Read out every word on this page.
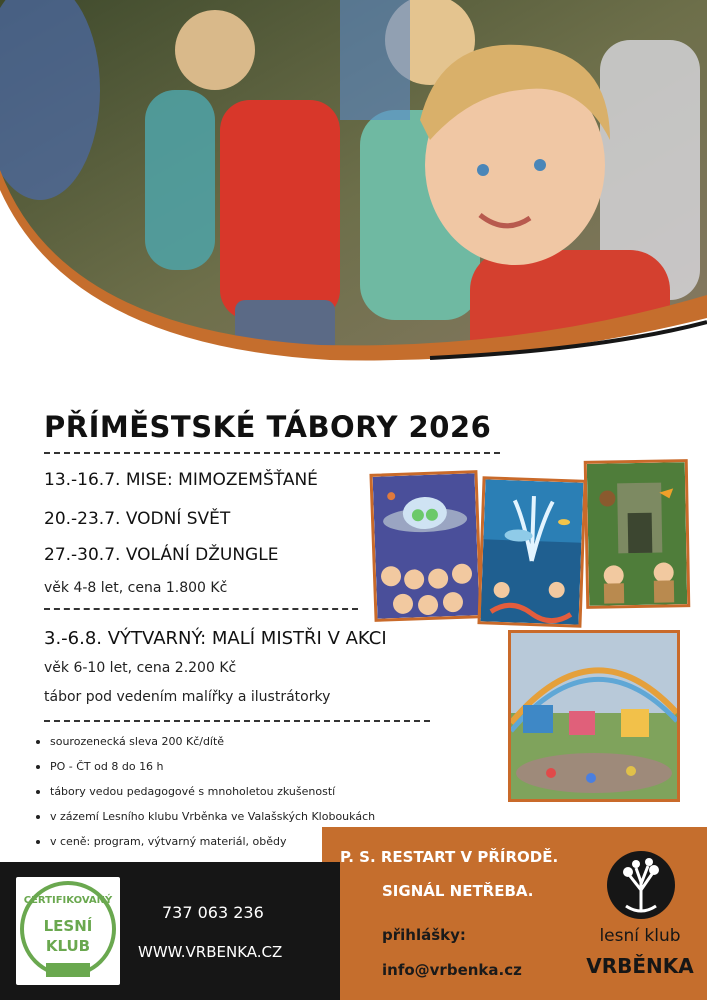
PŘÍMĚSTSKÉ TÁBORY 2026
13.-16.7. MISE: MIMOZEMŠŤANÉ
20.-23.7. VODNÍ SVĚT
27.-30.7. VOLÁNÍ DŽUNGLE
věk 4-8 let, cena 1.800 Kč
3.-6.8. VÝTVARNÝ: MALÍ MISTŘI V AKCI
věk 6-10 let, cena 2.200 Kč
tábor pod vedením malířky a ilustrátorky
sourozenecká sleva 200 Kč/dítě
PO - ČT od 8 do 16 h
tábory vedou pedagogové s mnoholetou zkušeností
v zázemí Lesního klubu Vrběnka ve Valašských Kloboukách
v ceně: program, výtvarný materiál, obědy
CERTIFIKOVANÝ
LESNÍ
KLUB
737 063 236
WWW.VRBENKA.CZ
P. S. RESTART V PŘÍRODĚ.
SIGNÁL NETŘEBA.
přihlášky:
info@vrbenka.cz
lesní klub
VRBĚNKA
